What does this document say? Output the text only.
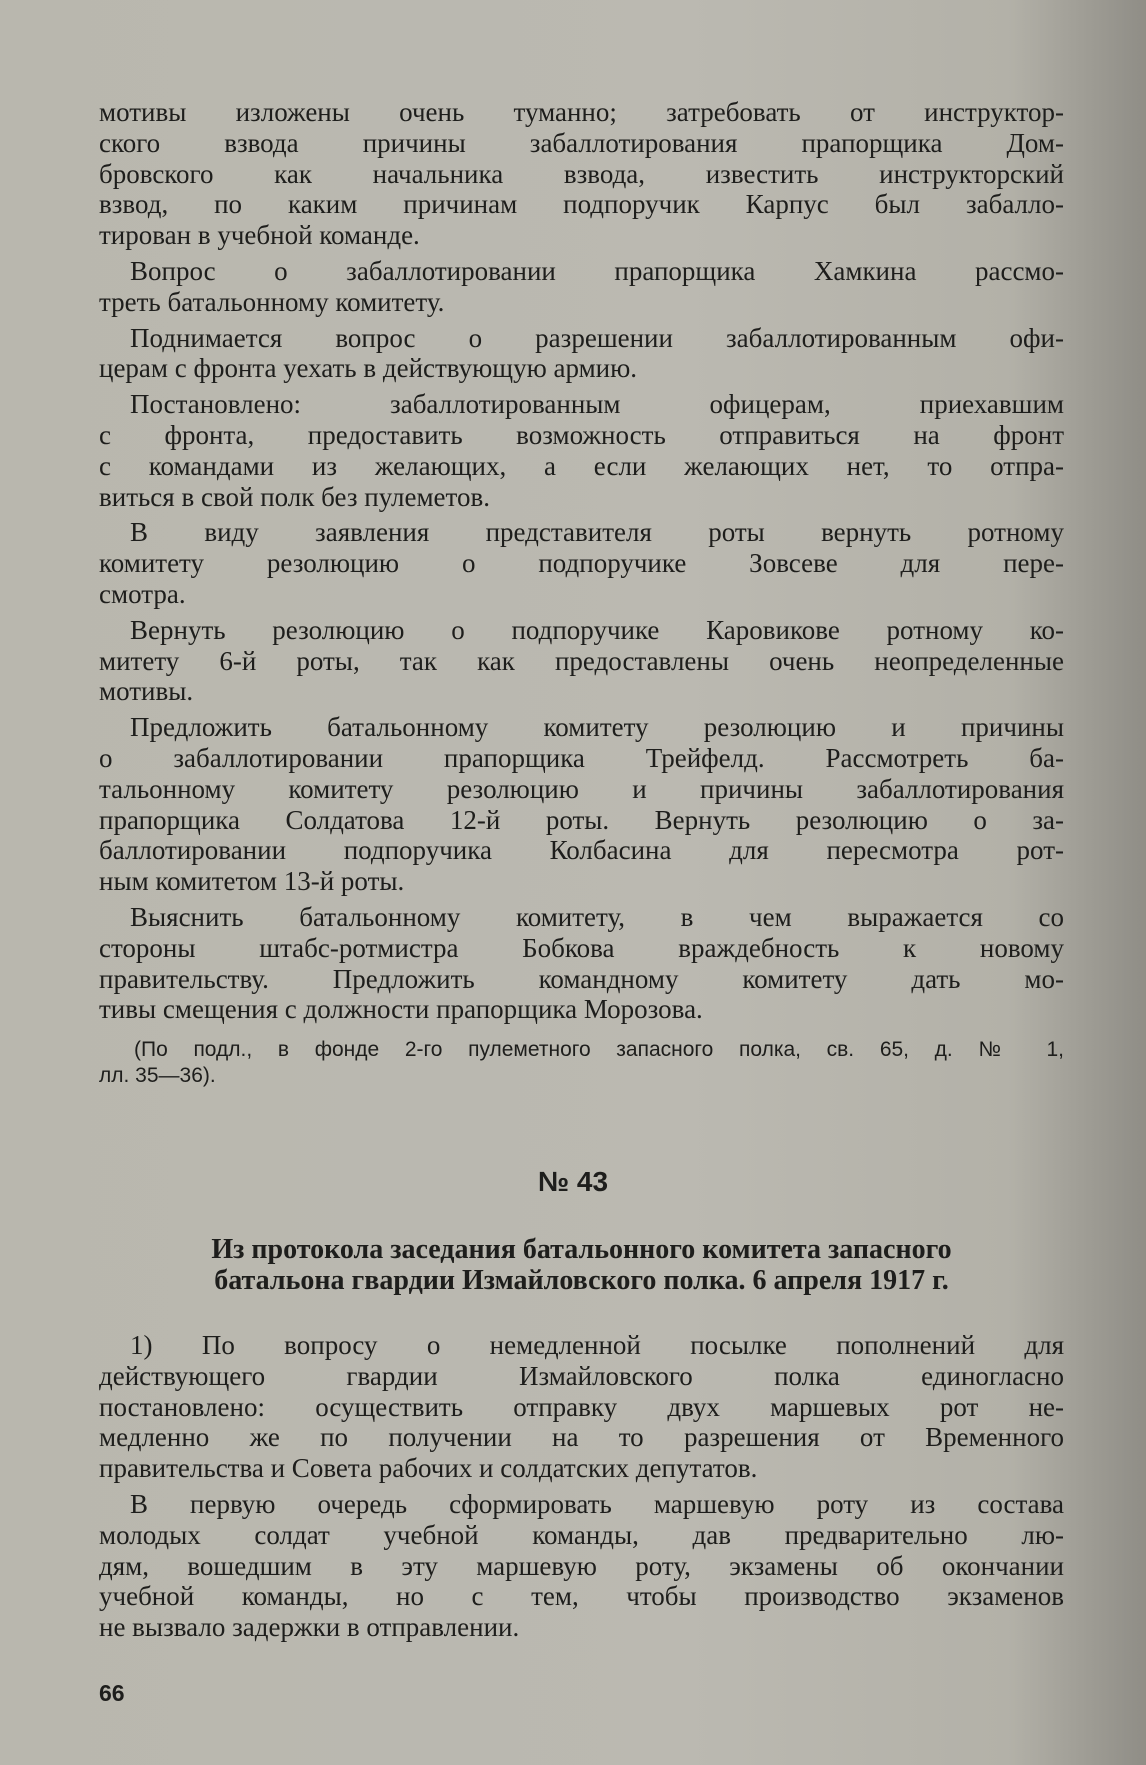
мотивы изложены очень туманно; затребовать от инструктор-
ского взвода причины забаллотирования прапорщика Дом-
бровского как начальника взвода, известить инструкторский
взвод, по каким причинам подпоручик Карпус был забалло-
тирован в учебной команде.
Вопрос о забаллотировании прапорщика Хамкина рассмо-
треть батальонному комитету.
Поднимается вопрос о разрешении забаллотированным офи-
церам с фронта уехать в действующую армию.
Постановлено: забаллотированным офицерам, приехавшим
с фронта, предоставить возможность отправиться на фронт
с командами из желающих, а если желающих нет, то отпра-
виться в свой полк без пулеметов.
В виду заявления представителя роты вернуть ротному
комитету резолюцию о подпоручике Зовсеве для пере-
смотра.
Вернуть резолюцию о подпоручике Каровикове ротному ко-
митету 6-й роты, так как предоставлены очень неопределенные
мотивы.
Предложить батальонному комитету резолюцию и причины
о забаллотировании прапорщика Трейфелд. Рассмотреть ба-
тальонному комитету резолюцию и причины забаллотирования
прапорщика Солдатова 12-й роты. Вернуть резолюцию о за-
баллотировании подпоручика Колбасина для пересмотра рот-
ным комитетом 13-й роты.
Выяснить батальонному комитету, в чем выражается со
стороны штабс-ротмистра Бобкова враждебность к новому
правительству. Предложить командному комитету дать мо-
тивы смещения с должности прапорщика Морозова.
(По подл., в фонде 2-го пулеметного запасного полка, св. 65, д. № 1,
лл. 35—36).
№ 43
Из протокола заседания батальонного комитета запасного
батальона гвардии Измайловского полка. 6 апреля 1917 г.
1) По вопросу о немедленной посылке пополнений для
действующего гвардии Измайловского полка единогласно
постановлено: осуществить отправку двух маршевых рот не-
медленно же по получении на то разрешения от Временного
правительства и Совета рабочих и солдатских депутатов.
В первую очередь сформировать маршевую роту из состава
молодых солдат учебной команды, дав предварительно лю-
дям, вошедшим в эту маршевую роту, экзамены об окончании
учебной команды, но с тем, чтобы производство экзаменов
не вызвало задержки в отправлении.
66
